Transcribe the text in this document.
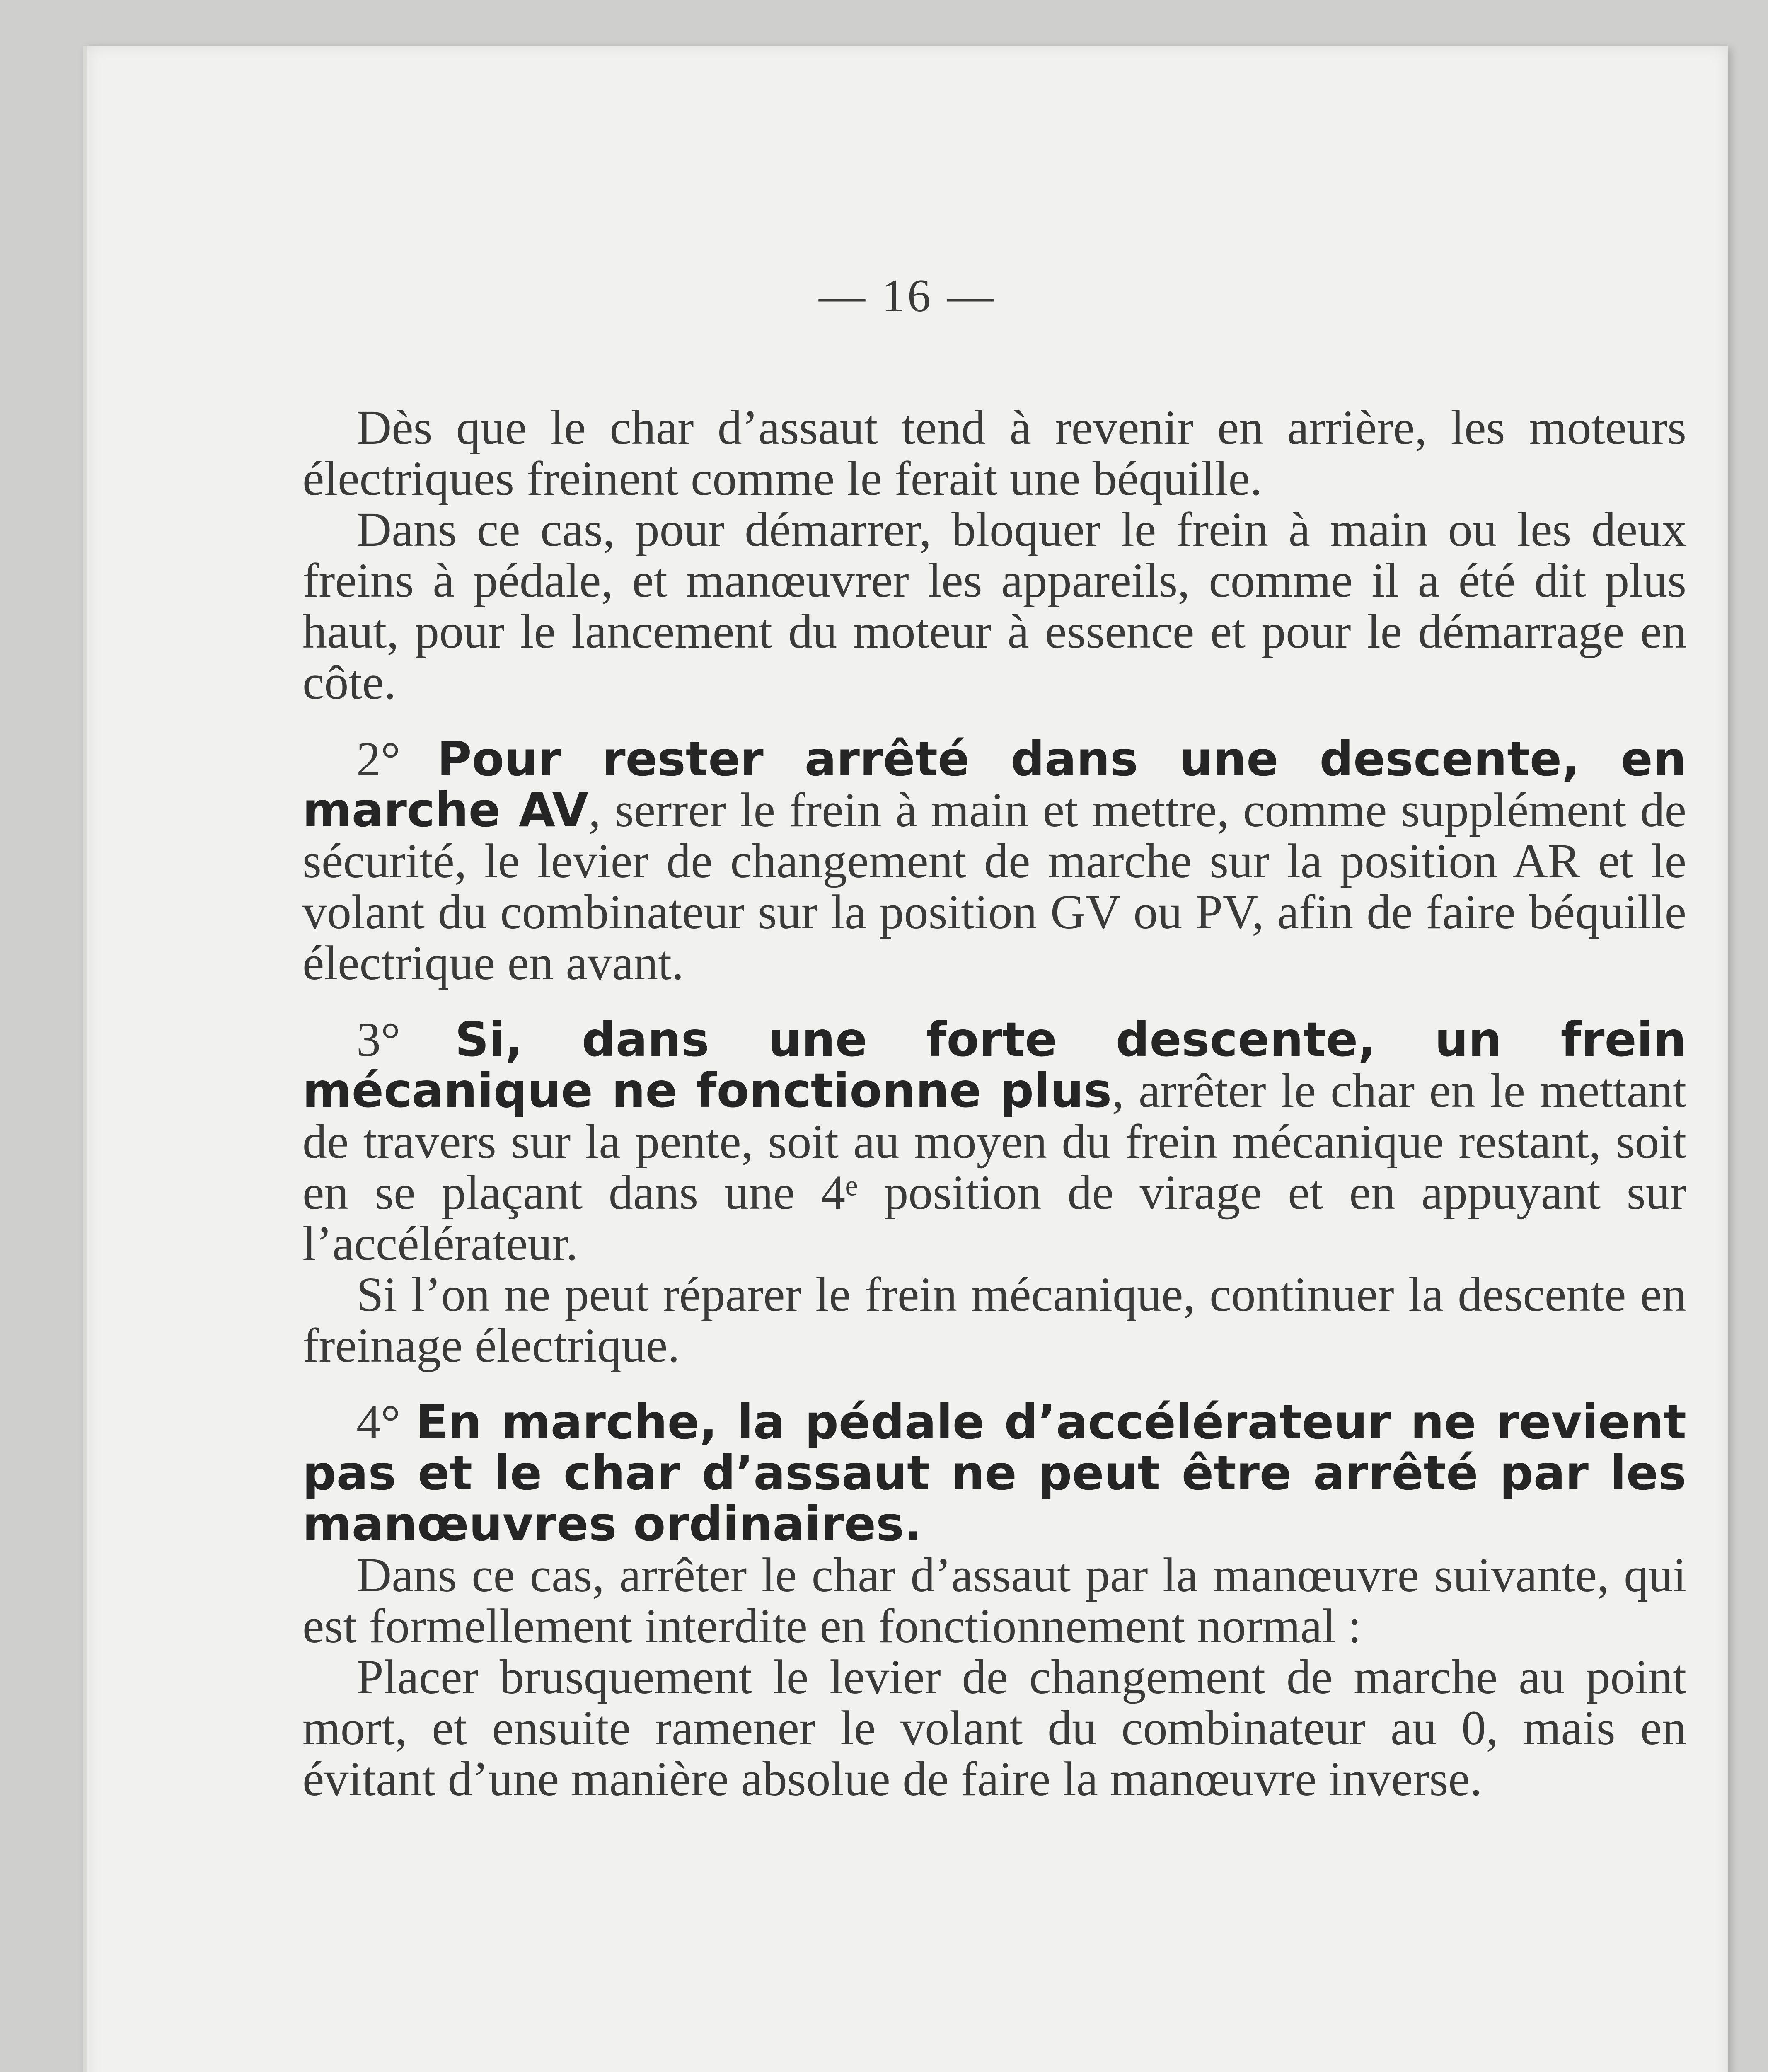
— 16 —

Dès que le char d’assaut tend à revenir en arrière, les moteurs électriques freinent comme le ferait une béquille.

Dans ce cas, pour démarrer, bloquer le frein à main ou les deux freins à pédale, et manœuvrer les appareils, comme il a été dit plus haut, pour le lancement du moteur à essence et pour le démarrage en côte.

2° Pour rester arrêté dans une descente, en marche AV, serrer le frein à main et mettre, comme supplément de sécurité, le levier de changement de marche sur la position AR et le volant du combinateur sur la position GV ou PV, afin de faire béquille électrique en avant.

3° Si, dans une forte descente, un frein mécanique ne fonctionne plus, arrêter le char en le mettant de travers sur la pente, soit au moyen du frein mécanique restant, soit en se plaçant dans une 4ᵉ position de virage et en appuyant sur l’accélérateur.

Si l’on ne peut réparer le frein mécanique, continuer la descente en freinage électrique.

4° En marche, la pédale d’accélérateur ne revient pas et le char d’assaut ne peut être arrêté par les manœuvres ordinaires.

Dans ce cas, arrêter le char d’assaut par la manœuvre suivante, qui est formellement interdite en fonctionnement normal :

Placer brusquement le levier de changement de marche au point mort, et ensuite ramener le volant du combinateur au 0, mais en évitant d’une manière absolue de faire la manœuvre inverse.
